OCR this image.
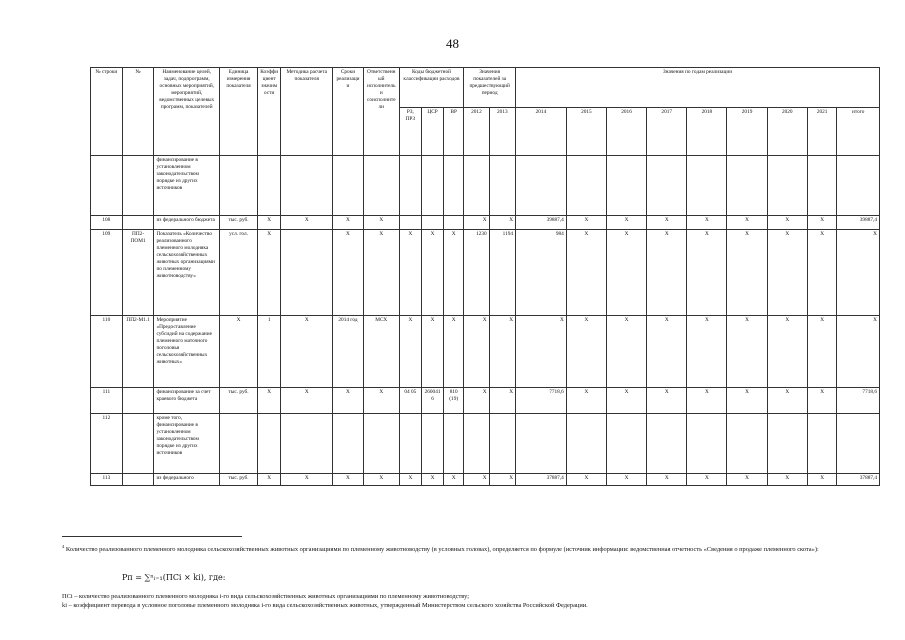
48
№ строки	№	Наименование целей, задач, подпрограмм, основных мероприятий, мероприятий, ведомственных целевых программ, показателей	Единица измерения показателя	Коэффициент значимости	Методика расчета показателя	Сроки реализации	Ответственный исполнитель и соисполнители	Коды бюджетной классификации расходов			Значения показателей за предшествующий период		Значения по годам реализации								
								РЗ, ПРЗ	ЦСР	ВР	2012	2013	2014	2015	2016	2017	2018	2019	2020	2021	итого
		финансирование в установленном законодательством порядке из других источников																			
108		из федерального бюджета	тыс. руб.	X	X	X	X				X	X	39887,4	X	X	X	X	X	X	X	39887,4
109	ПП2-ПОМ1	Показатель «Количество реализованного племенного молодняка сельскохозяйственных животных организациями по племенному животноводству»	усл. гол.	X		X	X	X	X	X	1230	1194	984	X	X	X	X	X	X	X	X
110	ПП2-М1.1	Мероприятие «Предоставление субсидий на содержание племенного маточного поголовья сельскохозяйственных животных»	X	1	X	2014 год	МСХ	X	X	X	X	X	X	X	X	X	X	X	X	X	X
111		финансирование за счет краевого бюджета	тыс. руб.	X	X	X	X	04 05	2600416	810 (19)	X	X	7718,6	X	X	X	X	X	X	X	7718,6
112		кроме того, финансирование в установленном законодательством порядке из других источников																			
113		из федерального	тыс. руб.	X	X	X	X	X	X	X	X	X	37887,4	X	X	X	X	X	X	X	37887,4
$^4$ Количество реализованного племенного молодняка сельскохозяйственных животных организациями по племенному животноводству (в условных головах), определяется по формуле (источник информации: ведомственная отчетность «Сведения о продаже племенного скота»):
Рп = ∑ⁿᵢ₌₁(ПСi × ki), где:
ПСi – количество реализованного племенного молодняка i-го вида сельскохозяйственных животных организациями по племенному животноводству;
ki – коэффициент перевода в условное поголовье племенного молодняка i-го вида сельскохозяйственных животных, утвержденный Министерством сельского хозяйства Российской Федерации.
